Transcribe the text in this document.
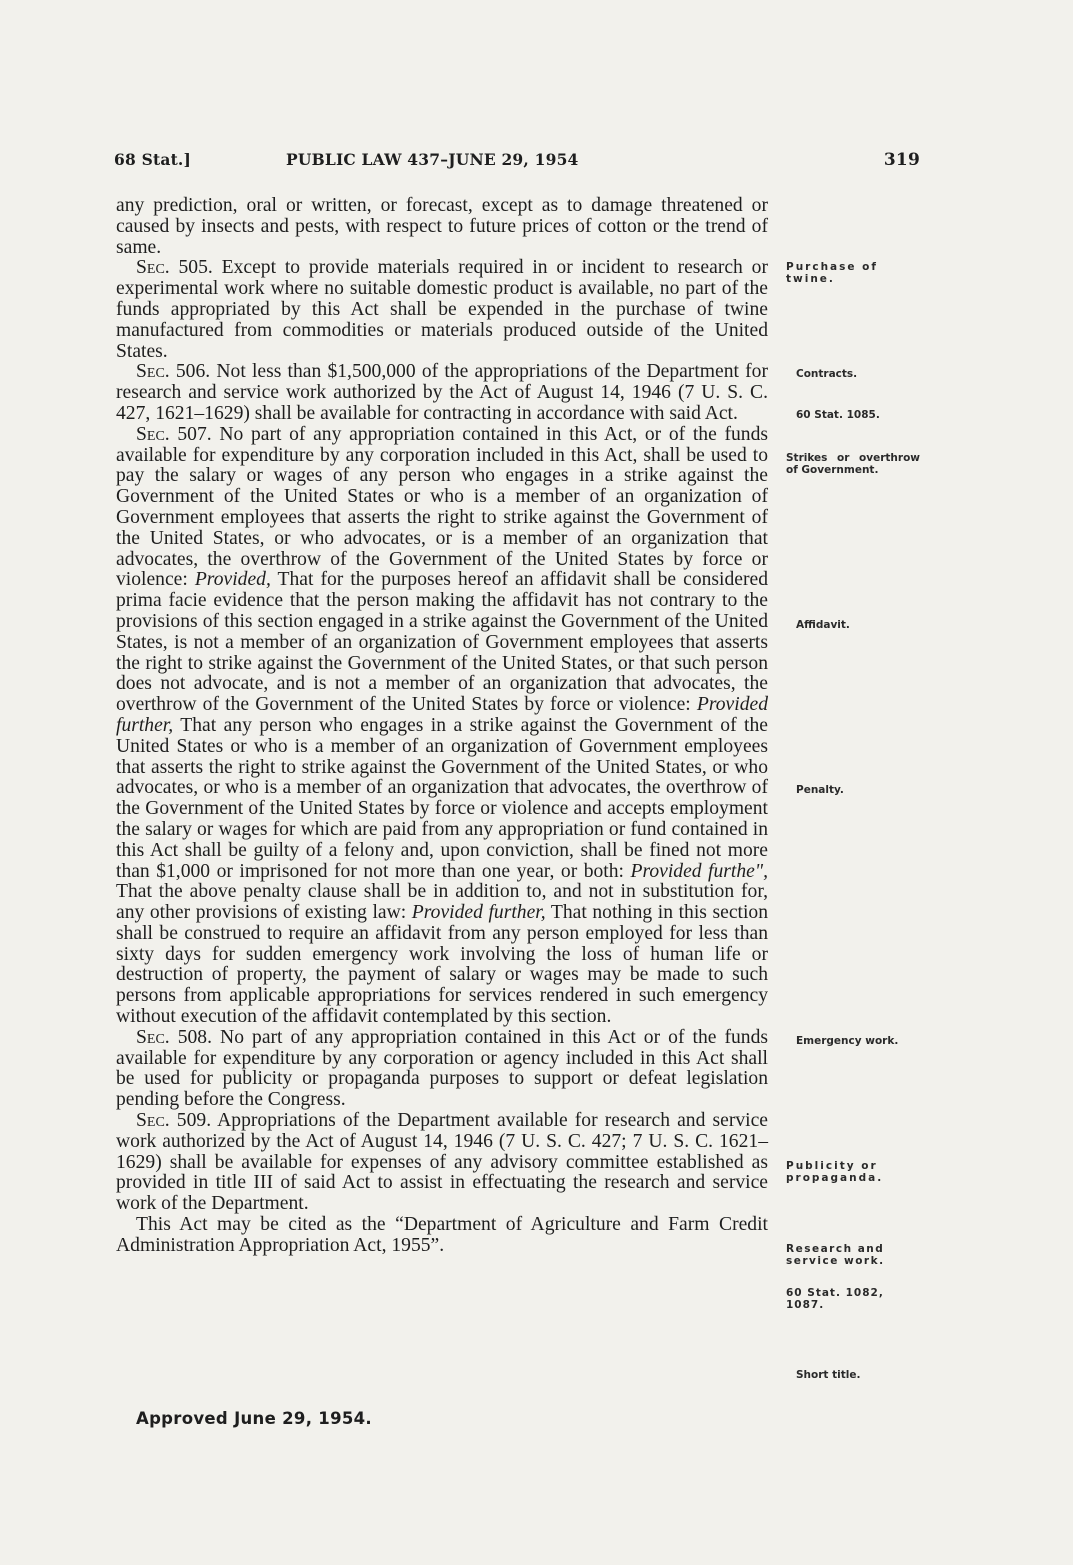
68 Stat.]	PUBLIC LAW 437–JUNE 29, 1954	319

any prediction, oral or written, or forecast, except as to damage threatened or caused by insects and pests, with respect to future prices of cotton or the trend of same.

Sec. 505. Except to provide materials required in or incident to research or experimental work where no suitable domestic product is available, no part of the funds appropriated by this Act shall be expended in the purchase of twine manufactured from commodities or materials produced outside of the United States.

Sec. 506. Not less than $1,500,000 of the appropriations of the Department for research and service work authorized by the Act of August 14, 1946 (7 U. S. C. 427, 1621–1629) shall be available for contracting in accordance with said Act.

Sec. 507. No part of any appropriation contained in this Act, or of the funds available for expenditure by any corporation included in this Act, shall be used to pay the salary or wages of any person who engages in a strike against the Government of the United States or who is a member of an organization of Government employees that asserts the right to strike against the Government of the United States, or who advocates, or is a member of an organization that advocates, the overthrow of the Government of the United States by force or violence: Provided, That for the purposes hereof an affidavit shall be considered prima facie evidence that the person making the affidavit has not contrary to the provisions of this section engaged in a strike against the Government of the United States, is not a member of an organization of Government employees that asserts the right to strike against the Government of the United States, or that such person does not advocate, and is not a member of an organization that advocates, the overthrow of the Government of the United States by force or violence: Provided further, That any person who engages in a strike against the Government of the United States or who is a member of an organization of Government employees that asserts the right to strike against the Government of the United States, or who advocates, or who is a member of an organization that advocates, the overthrow of the Government of the United States by force or violence and accepts employment the salary or wages for which are paid from any appropriation or fund contained in this Act shall be guilty of a felony and, upon conviction, shall be fined not more than $1,000 or imprisoned for not more than one year, or both: Provided furthe", That the above penalty clause shall be in addition to, and not in substitution for, any other provisions of existing law: Provided further, That nothing in this section shall be construed to require an affidavit from any person employed for less than sixty days for sudden emergency work involving the loss of human life or destruction of property, the payment of salary or wages may be made to such persons from applicable appropriations for services rendered in such emergency without execution of the affidavit contemplated by this section.

Sec. 508. No part of any appropriation contained in this Act or of the funds available for expenditure by any corporation or agency included in this Act shall be used for publicity or propaganda purposes to support or defeat legislation pending before the Congress.

Sec. 509. Appropriations of the Department available for research and service work authorized by the Act of August 14, 1946 (7 U. S. C. 427; 7 U. S. C. 1621–1629) shall be available for expenses of any advisory committee established as provided in title III of said Act to assist in effectuating the research and service work of the Department.

This Act may be cited as the “Department of Agriculture and Farm Credit Administration Appropriation Act, 1955”.

Approved June 29, 1954.
Purchase of twine.
Contracts.
60 Stat. 1085.
Strikes or overthrow of Government.
Affidavit.
Penalty.
Emergency work.
Publicity or propaganda.
Research and service work.
60 Stat. 1082, 1087.
Short title.
